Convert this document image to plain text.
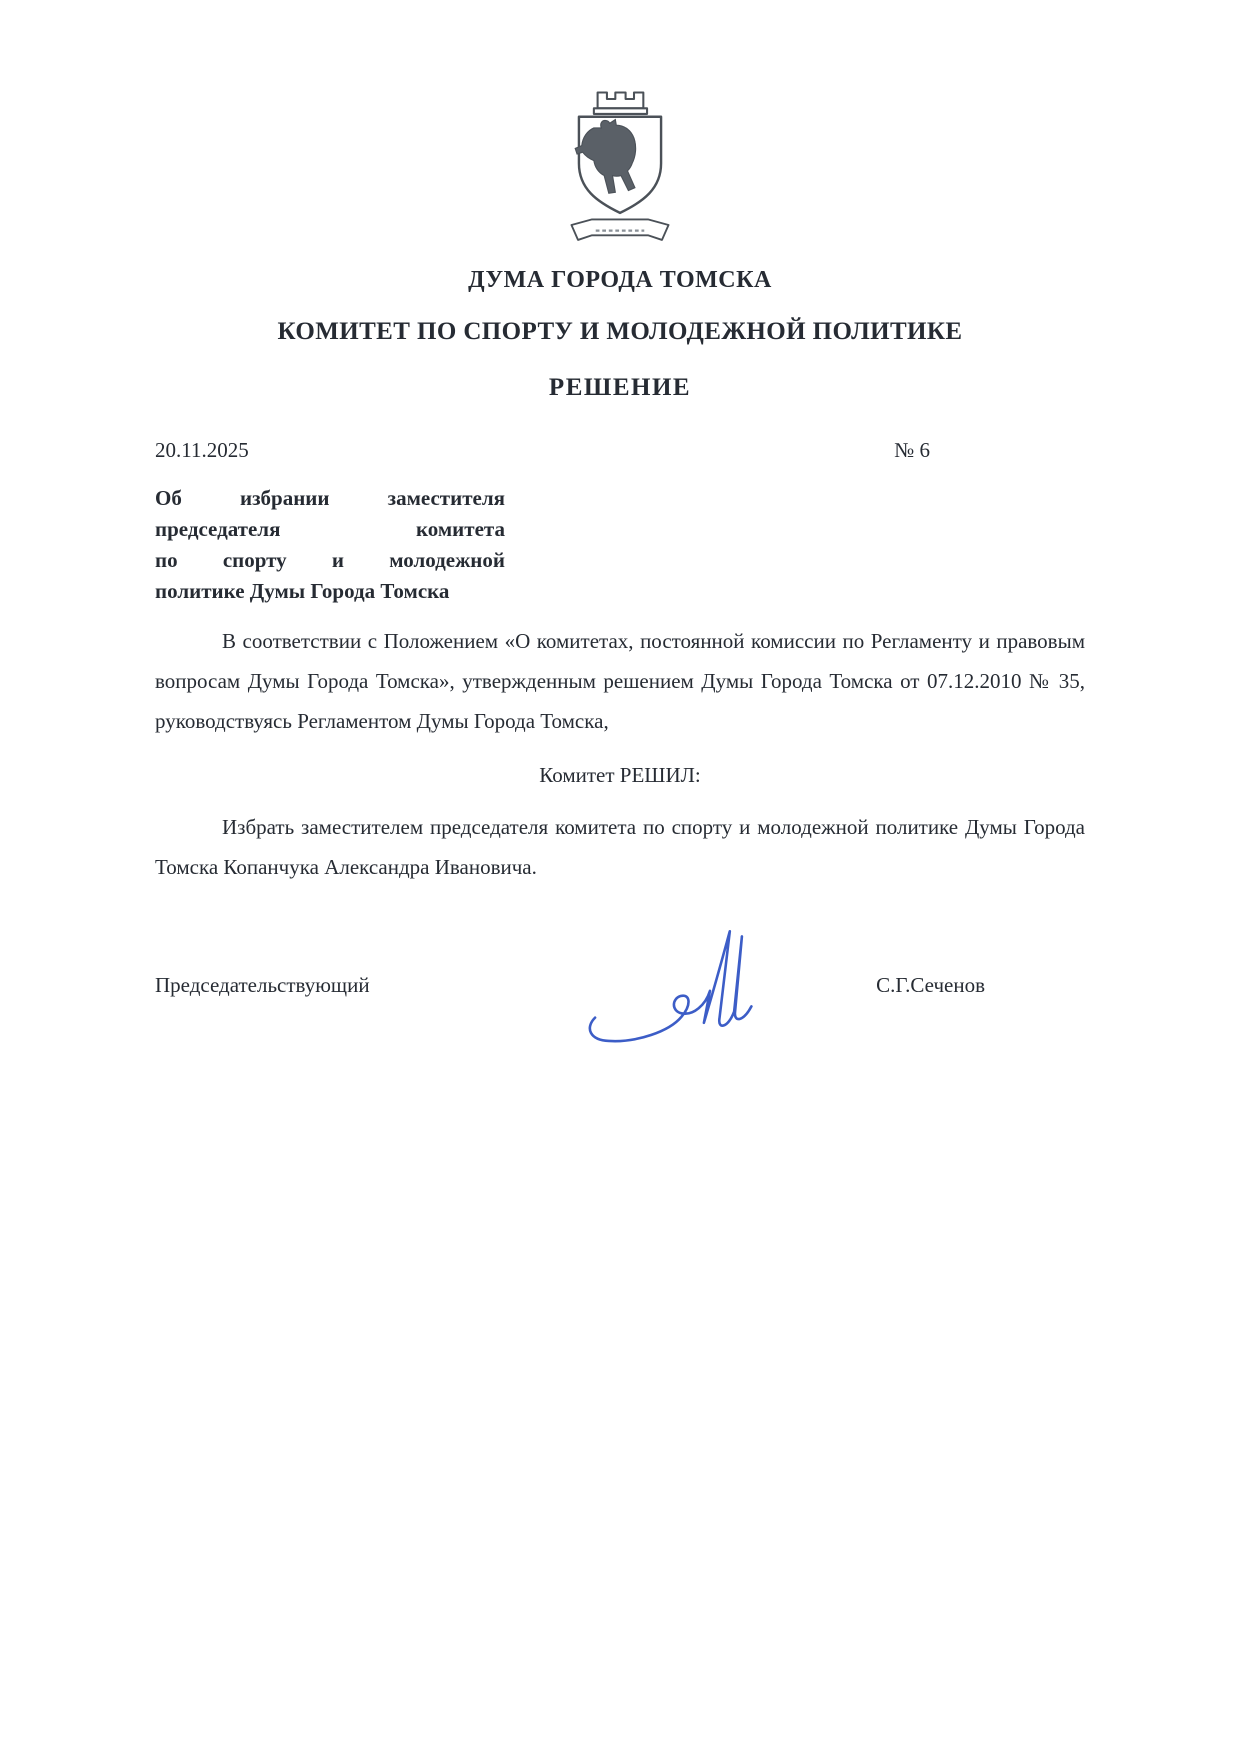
ДУМА ГОРОДА ТОМСКА
КОМИТЕТ ПО СПОРТУ И МОЛОДЕЖНОЙ ПОЛИТИКЕ
РЕШЕНИЕ
20.11.2025	№ 6
Об избрании заместителя
председателя комитета
по спорту и молодежной
политике Думы Города Томска

В соответствии с Положением «О комитетах, постоянной комиссии по Регламенту и правовым вопросам Думы Города Томска», утвержденным решением Думы Города Томска от 07.12.2010 № 35, руководствуясь Регламентом Думы Города Томска,

Комитет РЕШИЛ:

Избрать заместителем председателя комитета по спорту и молодежной политике Думы Города Томска Копанчука Александра Ивановича.

Председательствующий	С.Г.Сеченов
